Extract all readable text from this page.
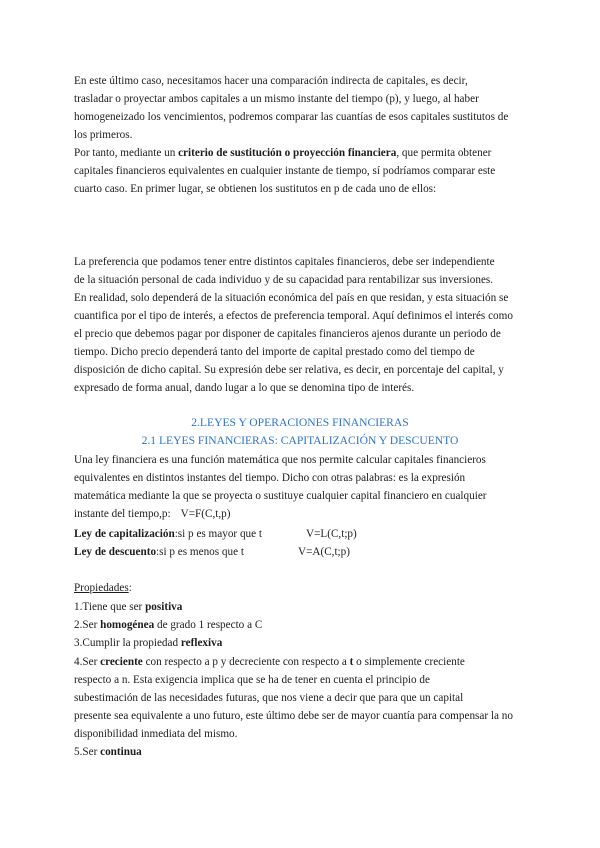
En este último caso, necesitamos hacer una comparación indirecta de capitales, es decir,
trasladar o proyectar ambos capitales a un mismo instante del tiempo (p), y luego, al haber
homogeneizado los vencimientos, podremos comparar las cuantías de esos capitales sustitutos de
los primeros.
Por tanto, mediante un criterio de sustitución o proyección financiera, que permita obtener
capitales financieros equivalentes en cualquier instante de tiempo, sí podríamos comparar este
cuarto caso. En primer lugar, se obtienen los sustitutos en p de cada uno de ellos:
La preferencia que podamos tener entre distintos capitales financieros, debe ser independiente
de la situación personal de cada individuo y de su capacidad para rentabilizar sus inversiones.
En realidad, solo dependerá de la situación económica del país en que residan, y esta situación se
cuantifica por el tipo de interés, a efectos de preferencia temporal. Aquí definimos el interés como
el precio que debemos pagar por disponer de capitales financieros ajenos durante un periodo de
tiempo. Dicho precio dependerá tanto del importe de capital prestado como del tiempo de
disposición de dicho capital. Su expresión debe ser relativa, es decir, en porcentaje del capital, y
expresado de forma anual, dando lugar a lo que se denomina tipo de interés.
2.LEYES Y OPERACIONES FINANCIERAS
2.1 LEYES FINANCIERAS: CAPITALIZACIÓN Y DESCUENTO
Una ley financiera es una función matemática que nos permite calcular capitales financieros
equivalentes en distintos instantes del tiempo. Dicho con otras palabras: es la expresión
matemática mediante la que se proyecta o sustituye cualquier capital financiero en cualquier
instante del tiempo,p: V=F(C,t,p)
Ley de capitalización:si p es mayor que t	V=L(C,t;p)
Ley de descuento:si p es menos que t	V=A(C,t;p)
Propiedades:
1.Tiene que ser positiva
2.Ser homogénea de grado 1 respecto a C
3.Cumplir la propiedad reflexiva
4.Ser creciente con respecto a p y decreciente con respecto a t o simplemente creciente
respecto a n. Esta exigencia implica que se ha de tener en cuenta el principio de
subestimación de las necesidades futuras, que nos viene a decir que para que un capital
presente sea equivalente a uno futuro, este último debe ser de mayor cuantía para compensar la no
disponibilidad inmediata del mismo.
5.Ser continua
